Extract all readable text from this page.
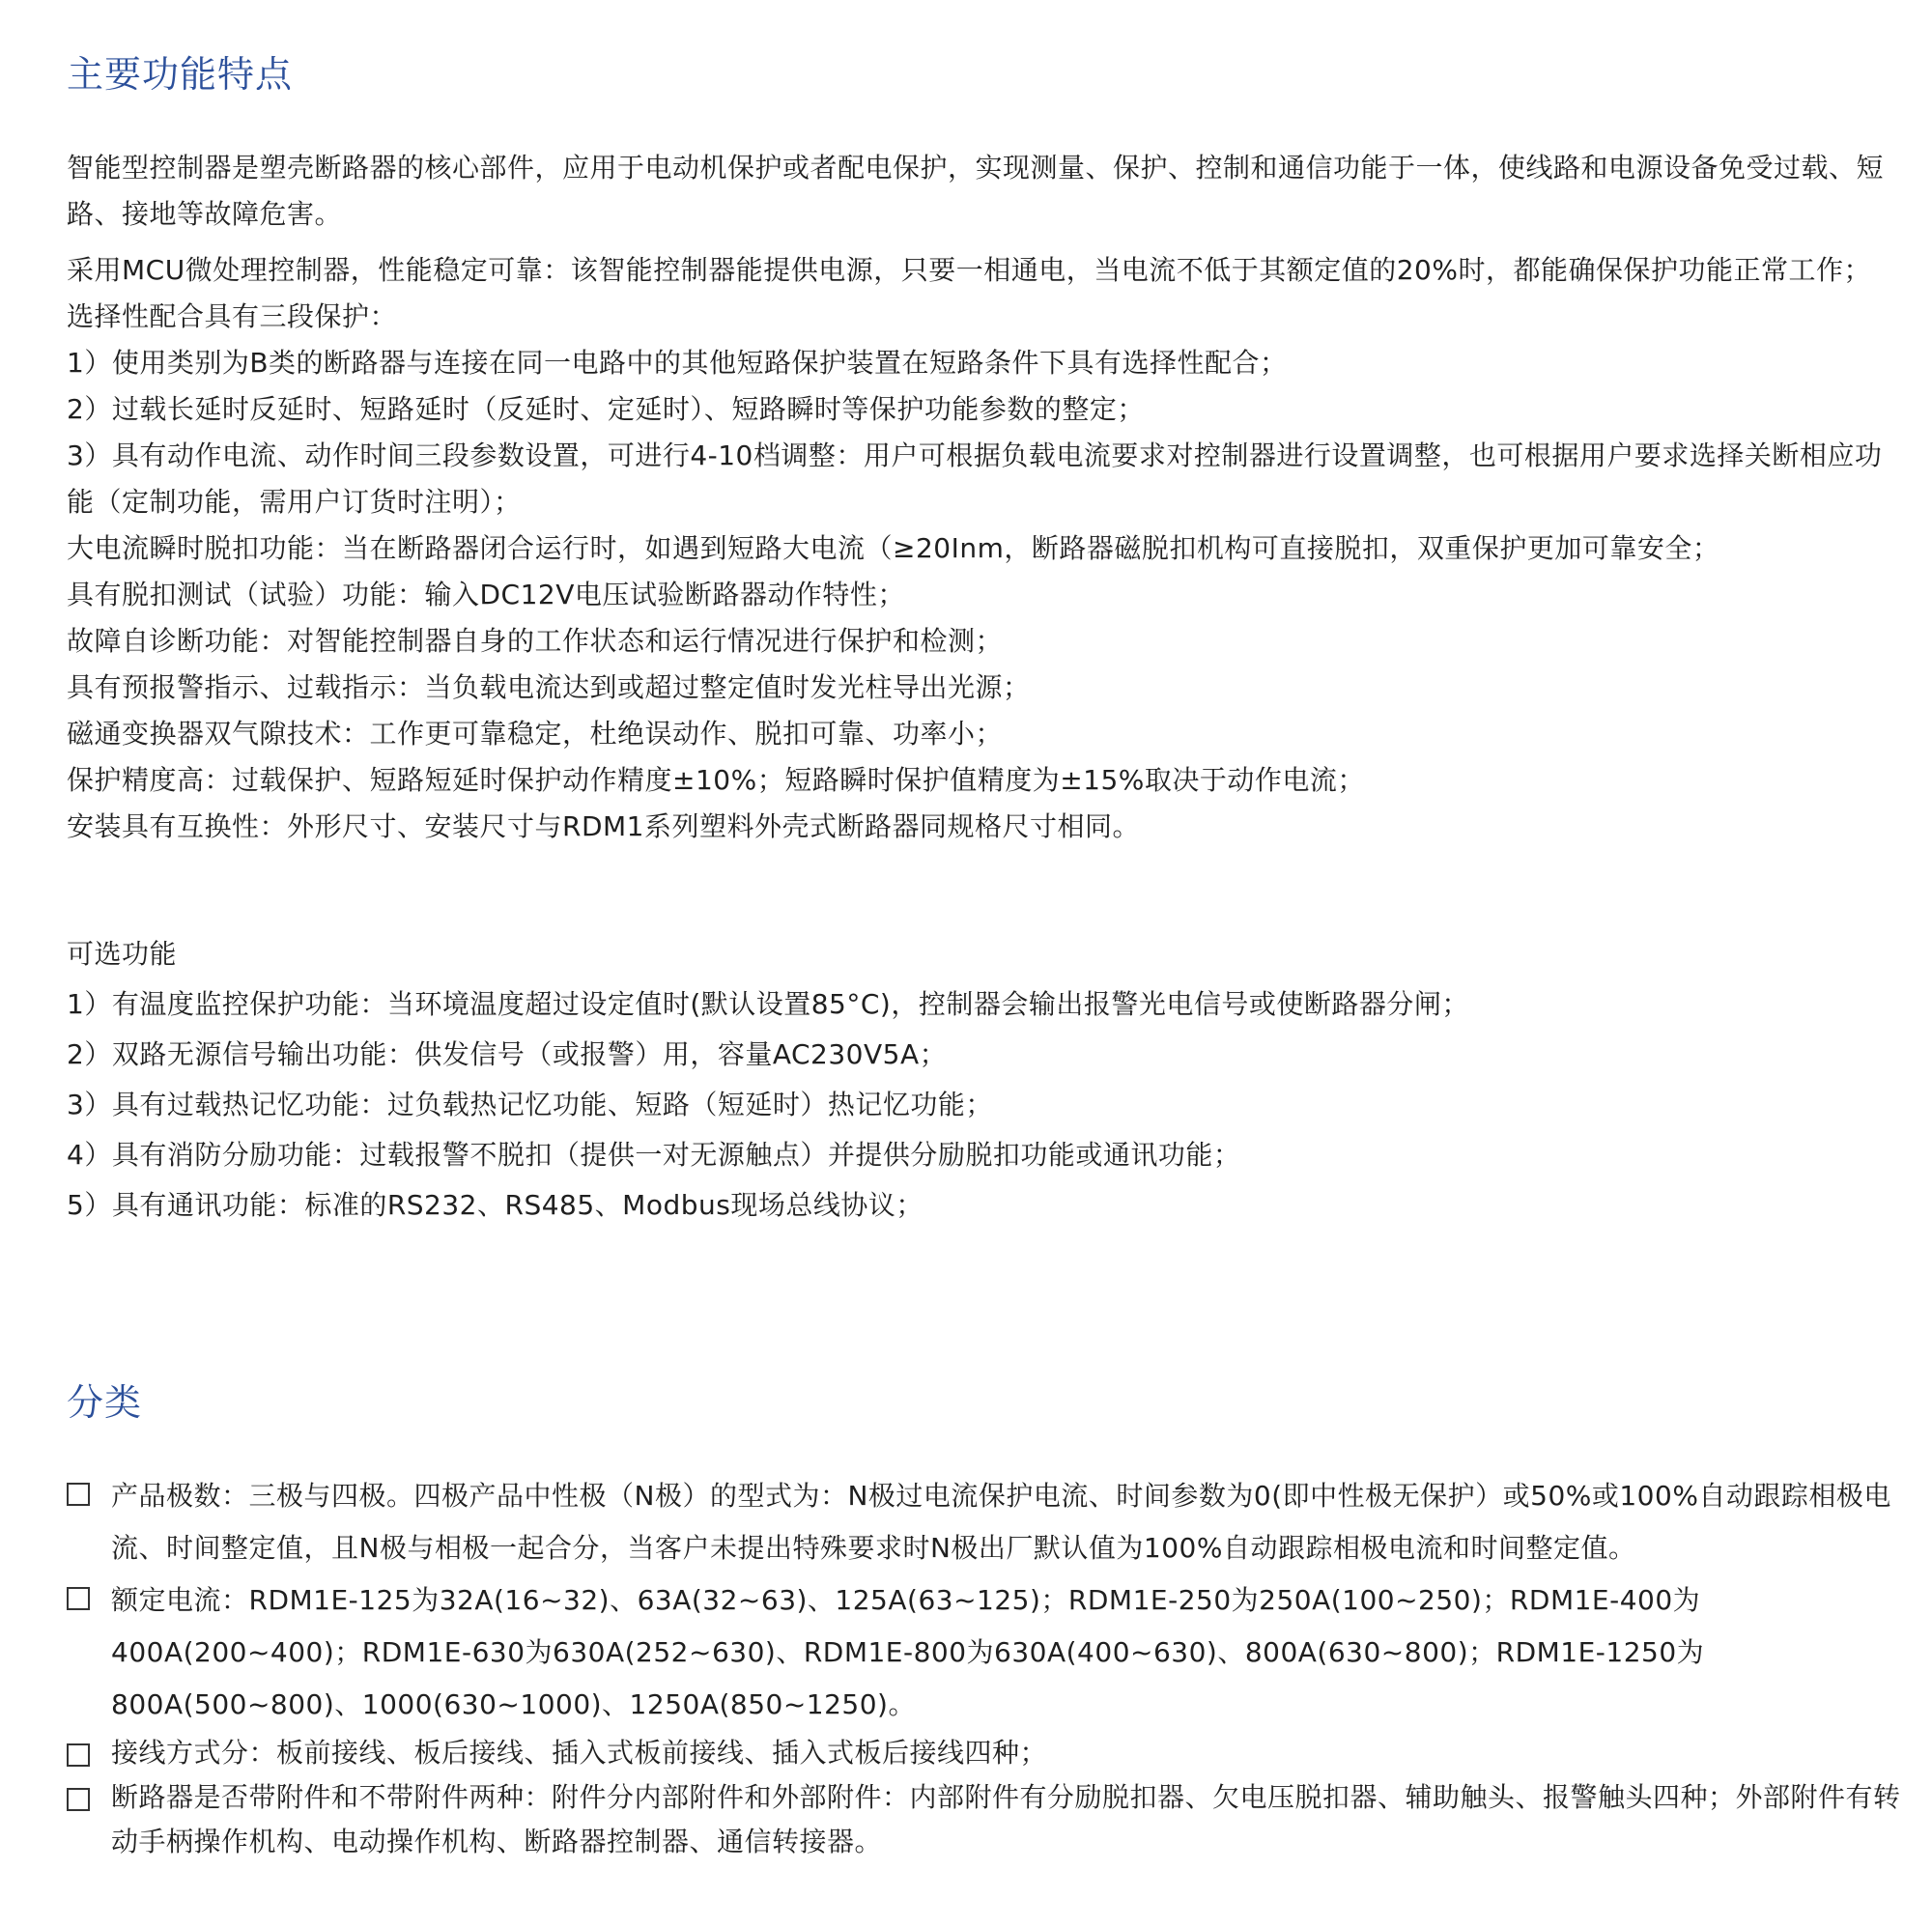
主要功能特点

智能型控制器是塑壳断路器的核心部件，应用于电动机保护或者配电保护，实现测量、保护、控制和通信功能于一体，使线路和电源设备免受过载、短路、接地等故障危害。

采用MCU微处理控制器，性能稳定可靠：该智能控制器能提供电源，只要一相通电，当电流不低于其额定值的20%时，都能确保保护功能正常工作；

选择性配合具有三段保护：

1）使用类别为B类的断路器与连接在同一电路中的其他短路保护装置在短路条件下具有选择性配合；

2）过载长延时反延时、短路延时（反延时、定延时）、短路瞬时等保护功能参数的整定；

3）具有动作电流、动作时间三段参数设置，可进行4-10档调整：用户可根据负载电流要求对控制器进行设置调整，也可根据用户要求选择关断相应功能（定制功能，需用户订货时注明）；

大电流瞬时脱扣功能：当在断路器闭合运行时，如遇到短路大电流（≥20Inm，断路器磁脱扣机构可直接脱扣，双重保护更加可靠安全；

具有脱扣测试（试验）功能：输入DC12V电压试验断路器动作特性；

故障自诊断功能：对智能控制器自身的工作状态和运行情况进行保护和检测；

具有预报警指示、过载指示：当负载电流达到或超过整定值时发光柱导出光源；

磁通变换器双气隙技术：工作更可靠稳定，杜绝误动作、脱扣可靠、功率小；

保护精度高：过载保护、短路短延时保护动作精度±10%；短路瞬时保护值精度为±15%取决于动作电流；

安装具有互换性：外形尺寸、安装尺寸与RDM1系列塑料外壳式断路器同规格尺寸相同。

可选功能

1）有温度监控保护功能：当环境温度超过设定值时(默认设置85°C)，控制器会输出报警光电信号或使断路器分闸；

2）双路无源信号输出功能：供发信号（或报警）用，容量AC230V5A；

3）具有过载热记忆功能：过负载热记忆功能、短路（短延时）热记忆功能；

4）具有消防分励功能：过载报警不脱扣（提供一对无源触点）并提供分励脱扣功能或通讯功能；

5）具有通讯功能：标准的RS232、RS485、Modbus现场总线协议；

分类
产品极数：三极与四极。四极产品中性极（N极）的型式为：N极过电流保护电流、时间参数为0(即中性极无保护）或50%或100%自动跟踪相极电流、时间整定值，且N极与相极一起合分，当客户未提出特殊要求时N极出厂默认值为100%自动跟踪相极电流和时间整定值。
额定电流：RDM1E-125为32A(16~32)、63A(32~63)、125A(63~125)；RDM1E-250为250A(100~250)；RDM1E-400为400A(200~400)；RDM1E-630为630A(252~630)、RDM1E-800为630A(400~630)、800A(630~800)；RDM1E-1250为800A(500~800)、1000(630~1000)、1250A(850~1250)。
接线方式分：板前接线、板后接线、插入式板前接线、插入式板后接线四种；
断路器是否带附件和不带附件两种：附件分内部附件和外部附件：内部附件有分励脱扣器、欠电压脱扣器、辅助触头、报警触头四种；外部附件有转动手柄操作机构、电动操作机构、断路器控制器、通信转接器。
